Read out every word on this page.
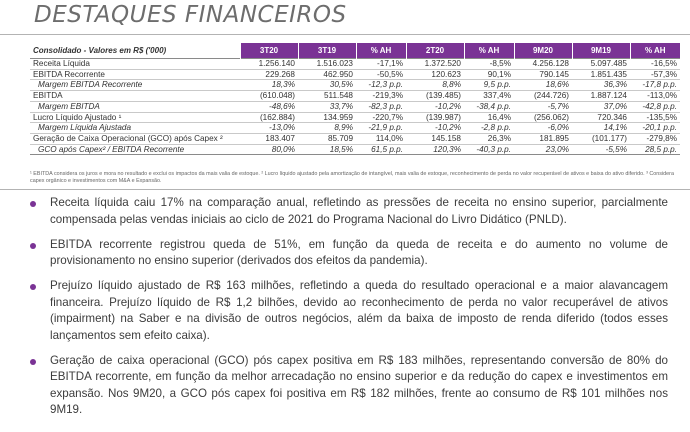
DESTAQUES FINANCEIROS
Consolidado - Valores em R$ ('000)	3T20	3T19	% AH	2T20	% AH	9M20	9M19	% AH
Receita Líquida	1.256.140	1.516.023	-17,1%	1.372.520	-8,5%	4.256.128	5.097.485	-16,5%
EBITDA Recorrente	229.268	462.950	-50,5%	120.623	90,1%	790.145	1.851.435	-57,3%
Margem EBITDA Recorrente	18,3%	30,5%	-12,3 p.p.	8,8%	9,5 p.p.	18,6%	36,3%	-17,8 p.p.
EBITDA	(610.048)	511.548	-219,3%	(139.485)	337,4%	(244.726)	1.887.124	-113,0%
Margem EBITDA	-48,6%	33,7%	-82,3 p.p.	-10,2%	-38,4 p.p.	-5,7%	37,0%	-42,8 p.p.
Lucro Líquido Ajustado ¹	(162.884)	134.959	-220,7%	(139.987)	16,4%	(256.062)	720.346	-135,5%
Margem Líquida Ajustada	-13,0%	8,9%	-21,9 p.p.	-10,2%	-2,8 p.p.	-6,0%	14,1%	-20,1 p.p.
Geração de Caixa Operacional (GCO) após Capex ²	183.407	85.709	114,0%	145.158	26,3%	181.895	(101.177)	-279,8%
GCO após Capex² / EBITDA Recorrente	80,0%	18,5%	61,5 p.p.	120,3%	-40,3 p.p.	23,0%	-5,5%	28,5 p.p.
¹ EBITDA considera os juros e mora no resultado e exclui os impactos da mais valia de estoque. ² Lucro líquido ajustado pela amortização de intangível, mais valia de estoque, reconhecimento de perda no valor recuperável de ativos e baixa do ativo diferido. ³ Considera capex orgânico e investimentos com M&A e Expansão.
Receita líquida caiu 17% na comparação anual, refletindo as pressões de receita no ensino superior, parcialmente compensada pelas vendas iniciais ao ciclo de 2021 do Programa Nacional do Livro Didático (PNLD).
EBITDA recorrente registrou queda de 51%, em função da queda de receita e do aumento no volume de provisionamento no ensino superior (derivados dos efeitos da pandemia).
Prejuízo líquido ajustado de R$ 163 milhões, refletindo a queda do resultado operacional e a maior alavancagem financeira. Prejuízo líquido de R$ 1,2 bilhões, devido ao reconhecimento de perda no valor recuperável de ativos (impairment) na Saber e na divisão de outros negócios, além da baixa de imposto de renda diferido (todos esses lançamentos sem efeito caixa).
Geração de caixa operacional (GCO) pós capex positiva em R$ 183 milhões, representando conversão de 80% do EBITDA recorrente, em função da melhor arrecadação no ensino superior e da redução do capex e investimentos em expansão. Nos 9M20, a GCO pós capex foi positiva em R$ 182 milhões, frente ao consumo de R$ 101 milhões nos 9M19.
